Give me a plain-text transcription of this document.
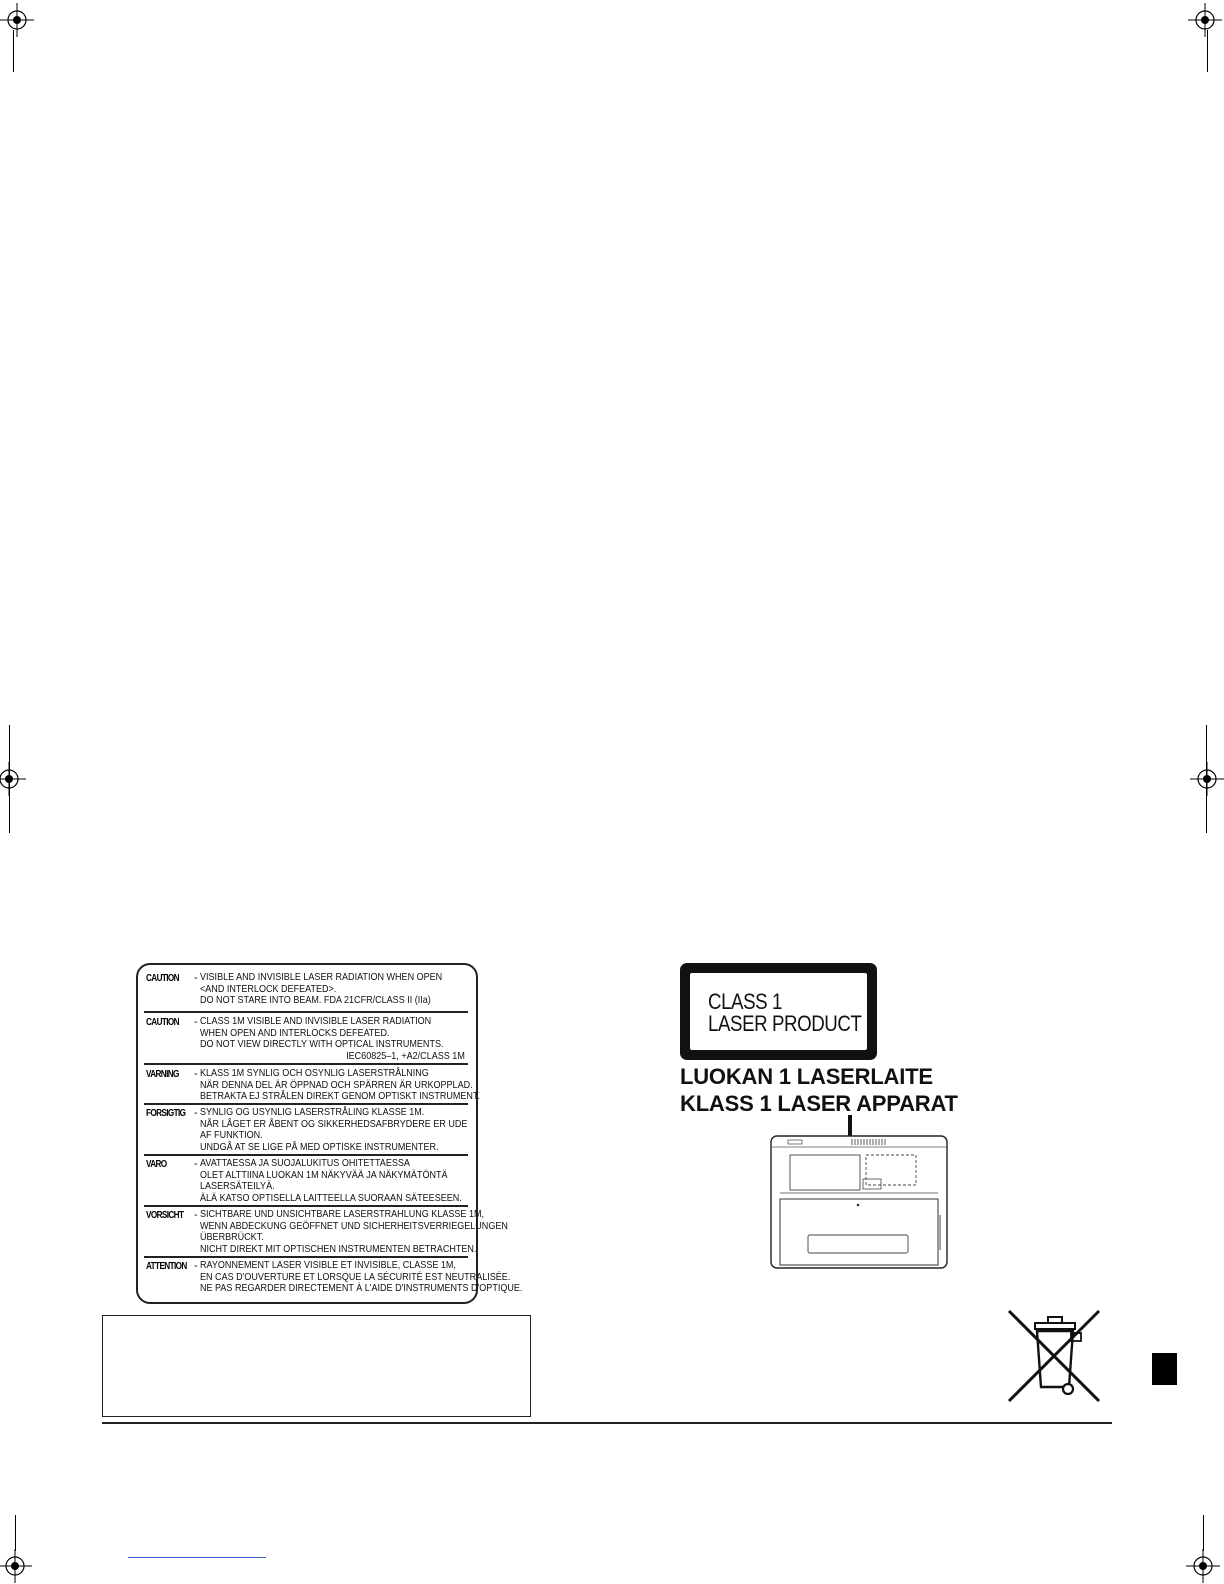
CAUTION - VISIBLE AND INVISIBLE LASER RADIATION WHEN OPEN
<AND INTERLOCK DEFEATED>.
DO NOT STARE INTO BEAM. FDA 21CFR/CLASS II (IIa)
CAUTION - CLASS 1M VISIBLE AND INVISIBLE LASER RADIATION
WHEN OPEN AND INTERLOCKS DEFEATED.
DO NOT VIEW DIRECTLY WITH OPTICAL INSTRUMENTS.
IEC60825–1, +A2/CLASS 1M
VARNING - KLASS 1M SYNLIG OCH OSYNLIG LASERSTRÅLNING
NÄR DENNA DEL ÄR ÖPPNAD OCH SPÄRREN ÄR URKOPPLAD.
BETRAKTA EJ STRÅLEN DIREKT GENOM OPTISKT INSTRUMENT.
FORSIGTIG - SYNLIG OG USYNLIG LASERSTRÅLING KLASSE 1M.
NÅR LÅGET ER ÅBENT OG SIKKERHEDSAFBRYDERE ER UDE
AF FUNKTION.
UNDGÅ AT SE LIGE PÅ MED OPTISKE INSTRUMENTER.
VARO - AVATTAESSA JA SUOJALUKITUS OHITETTAESSA
OLET ALTTIINA LUOKAN 1M NÄKYVÄÄ JA NÄKYMÄTÖNTÄ
LASERSÄTEILYÄ.
ÄLÄ KATSO OPTISELLA LAITTEELLA SUORAAN SÄTEESEEN.
VORSICHT - SICHTBARE UND UNSICHTBARE LASERSTRAHLUNG KLASSE 1M,
WENN ABDECKUNG GEÖFFNET UND SICHERHEITSVERRIEGELUNGEN
ÜBERBRÜCKT.
NICHT DIREKT MIT OPTISCHEN INSTRUMENTEN BETRACHTEN.
ATTENTION - RAYONNEMENT LASER VISIBLE ET INVISIBLE, CLASSE 1M,
EN CAS D'OUVERTURE ET LORSQUE LA SÉCURITÉ EST NEUTRALISÉE.
NE PAS REGARDER DIRECTEMENT À L'AIDE D'INSTRUMENTS D'OPTIQUE.
CLASS 1
LASER PRODUCT
LUOKAN 1 LASERLAITE
KLASS 1 LASER APPARAT
